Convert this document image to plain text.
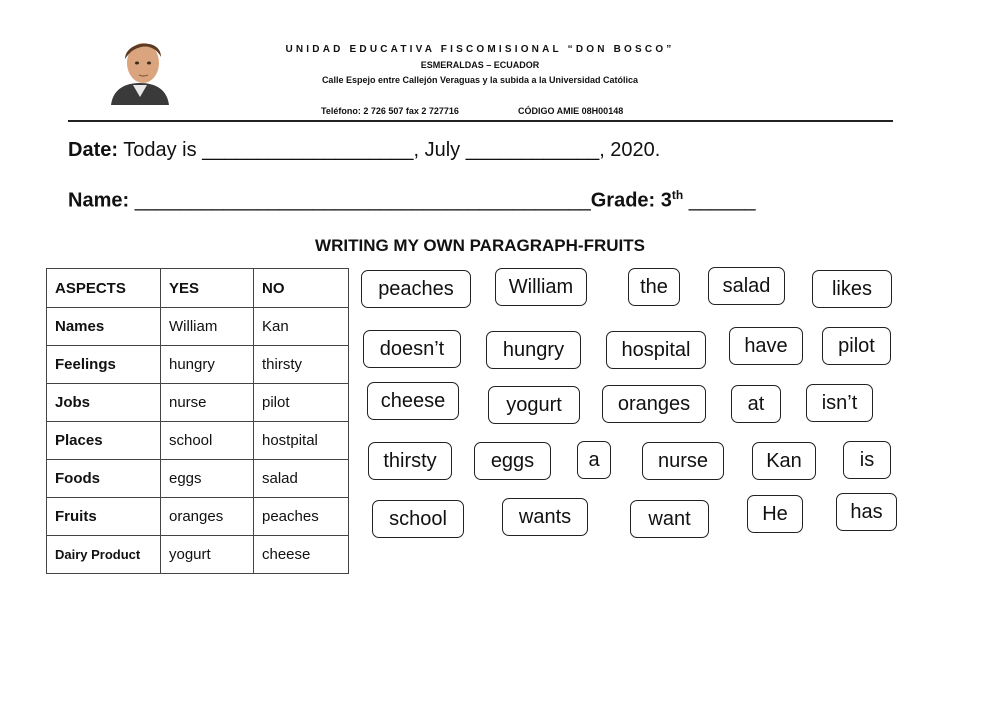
UNIDAD EDUCATIVA FISCOMISIONAL “DON BOSCO”
ESMERALDAS – ECUADOR
Calle Espejo entre Callejón Veraguas y la subida a la Universidad Católica
Teléfono: 2 726 507 fax 2 727716	CÓDIGO AMIE 08H00148
Date: Today is ___________________, July ____________, 2020.
Name: _________________________________________Grade: 3th ______
WRITING MY OWN PARAGRAPH-FRUITS
ASPECTS	YES	NO
Names	William	Kan
Feelings	hungry	thirsty
Jobs	nurse	pilot
Places	school	hostpital
Foods	eggs	salad
Fruits	oranges	peaches
Dairy Product	yogurt	cheese
peaches	William	the	salad	likes
doesn’t	hungry	hospital	have	pilot
cheese	yogurt	oranges	at	isn’t
thirsty	eggs	a	nurse	Kan	is
school	wants	want	He	has
